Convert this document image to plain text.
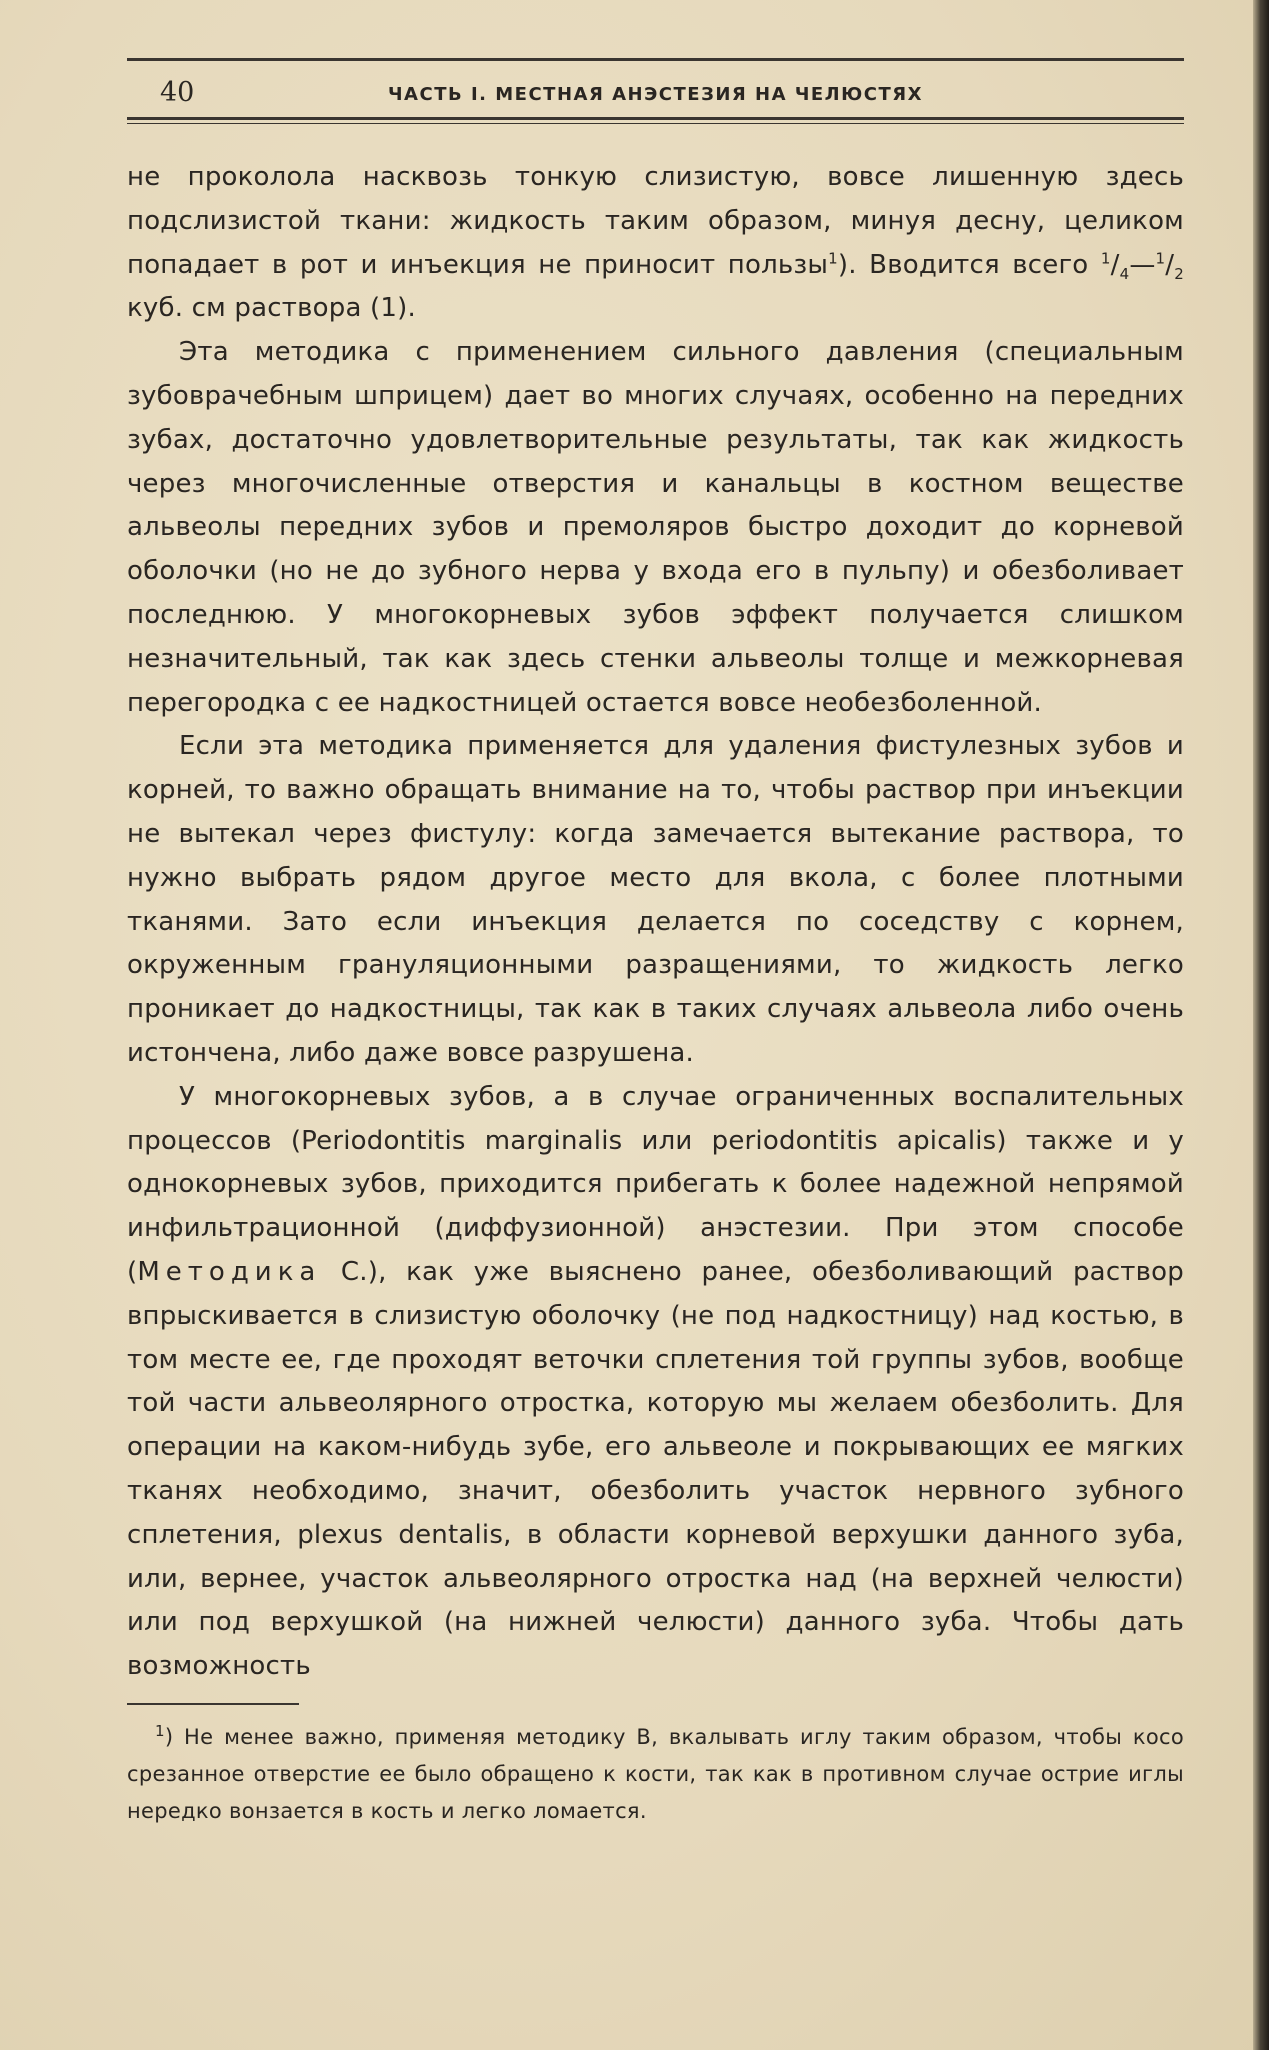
40	ЧАСТЬ I. МЕСТНАЯ АНЭСТЕЗИЯ НА ЧЕЛЮСТЯХ

не проколола насквозь тонкую слизистую, вовсе лишенную здесь подслизистой ткани: жидкость таким образом, минуя десну, целиком попадает в рот и инъекция не приносит пользы$^1$). Вводится всего $^1/_4—^1/_2$ куб. см раствора (1).

Эта методика с применением сильного давления (специальным зубоврачебным шприцем) дает во многих случаях, особенно на передних зубах, достаточно удовлетворительные результаты, так как жидкость через многочисленные отверстия и канальцы в костном веществе альвеолы передних зубов и премоляров быстро доходит до корневой оболочки (но не до зубного нерва у входа его в пульпу) и обезболивает последнюю. У многокорневых зубов эффект получается слишком незначительный, так как здесь стенки альвеолы толще и межкорневая перегородка с ее надкостницей остается вовсе необезболенной.

Если эта методика применяется для удаления фистулезных зубов и корней, то важно обращать внимание на то, чтобы раствор при инъекции не вытекал через фистулу: когда замечается вытекание раствора, то нужно выбрать рядом другое место для вкола, с более плотными тканями. Зато если инъекция делается по соседству с корнем, окруженным грануляционными разращениями, то жидкость легко проникает до надкостницы, так как в таких случаях альвеола либо очень истончена, либо даже вовсе разрушена.

У многокорневых зубов, а в случае ограниченных воспалительных процессов (Periodontitis marginalis или periodontitis apicalis) также и у однокорневых зубов, приходится прибегать к более надежной непрямой инфильтрационной (диффузионной) анэстезии. При этом способе (Методика С.), как уже выяснено ранее, обезболивающий раствор впрыскивается в слизистую оболочку (не под надкостницу) над костью, в том месте ее, где проходят веточки сплетения той группы зубов, вообще той части альвеолярного отростка, которую мы желаем обезболить. Для операции на каком-нибудь зубе, его альвеоле и покрывающих ее мягких тканях необходимо, значит, обезболить участок нервного зубного сплетения, plexus dentalis, в области корневой верхушки данного зуба, или, вернее, участок альвеолярного отростка над (на верхней челюсти) или под верхушкой (на нижней челюсти) данного зуба. Чтобы дать возможность

$^1$) Не менее важно, применяя методику В, вкалывать иглу таким образом, чтобы косо срезанное отверстие ее было обращено к кости, так как в противном случае острие иглы нередко вонзается в кость и легко ломается.
